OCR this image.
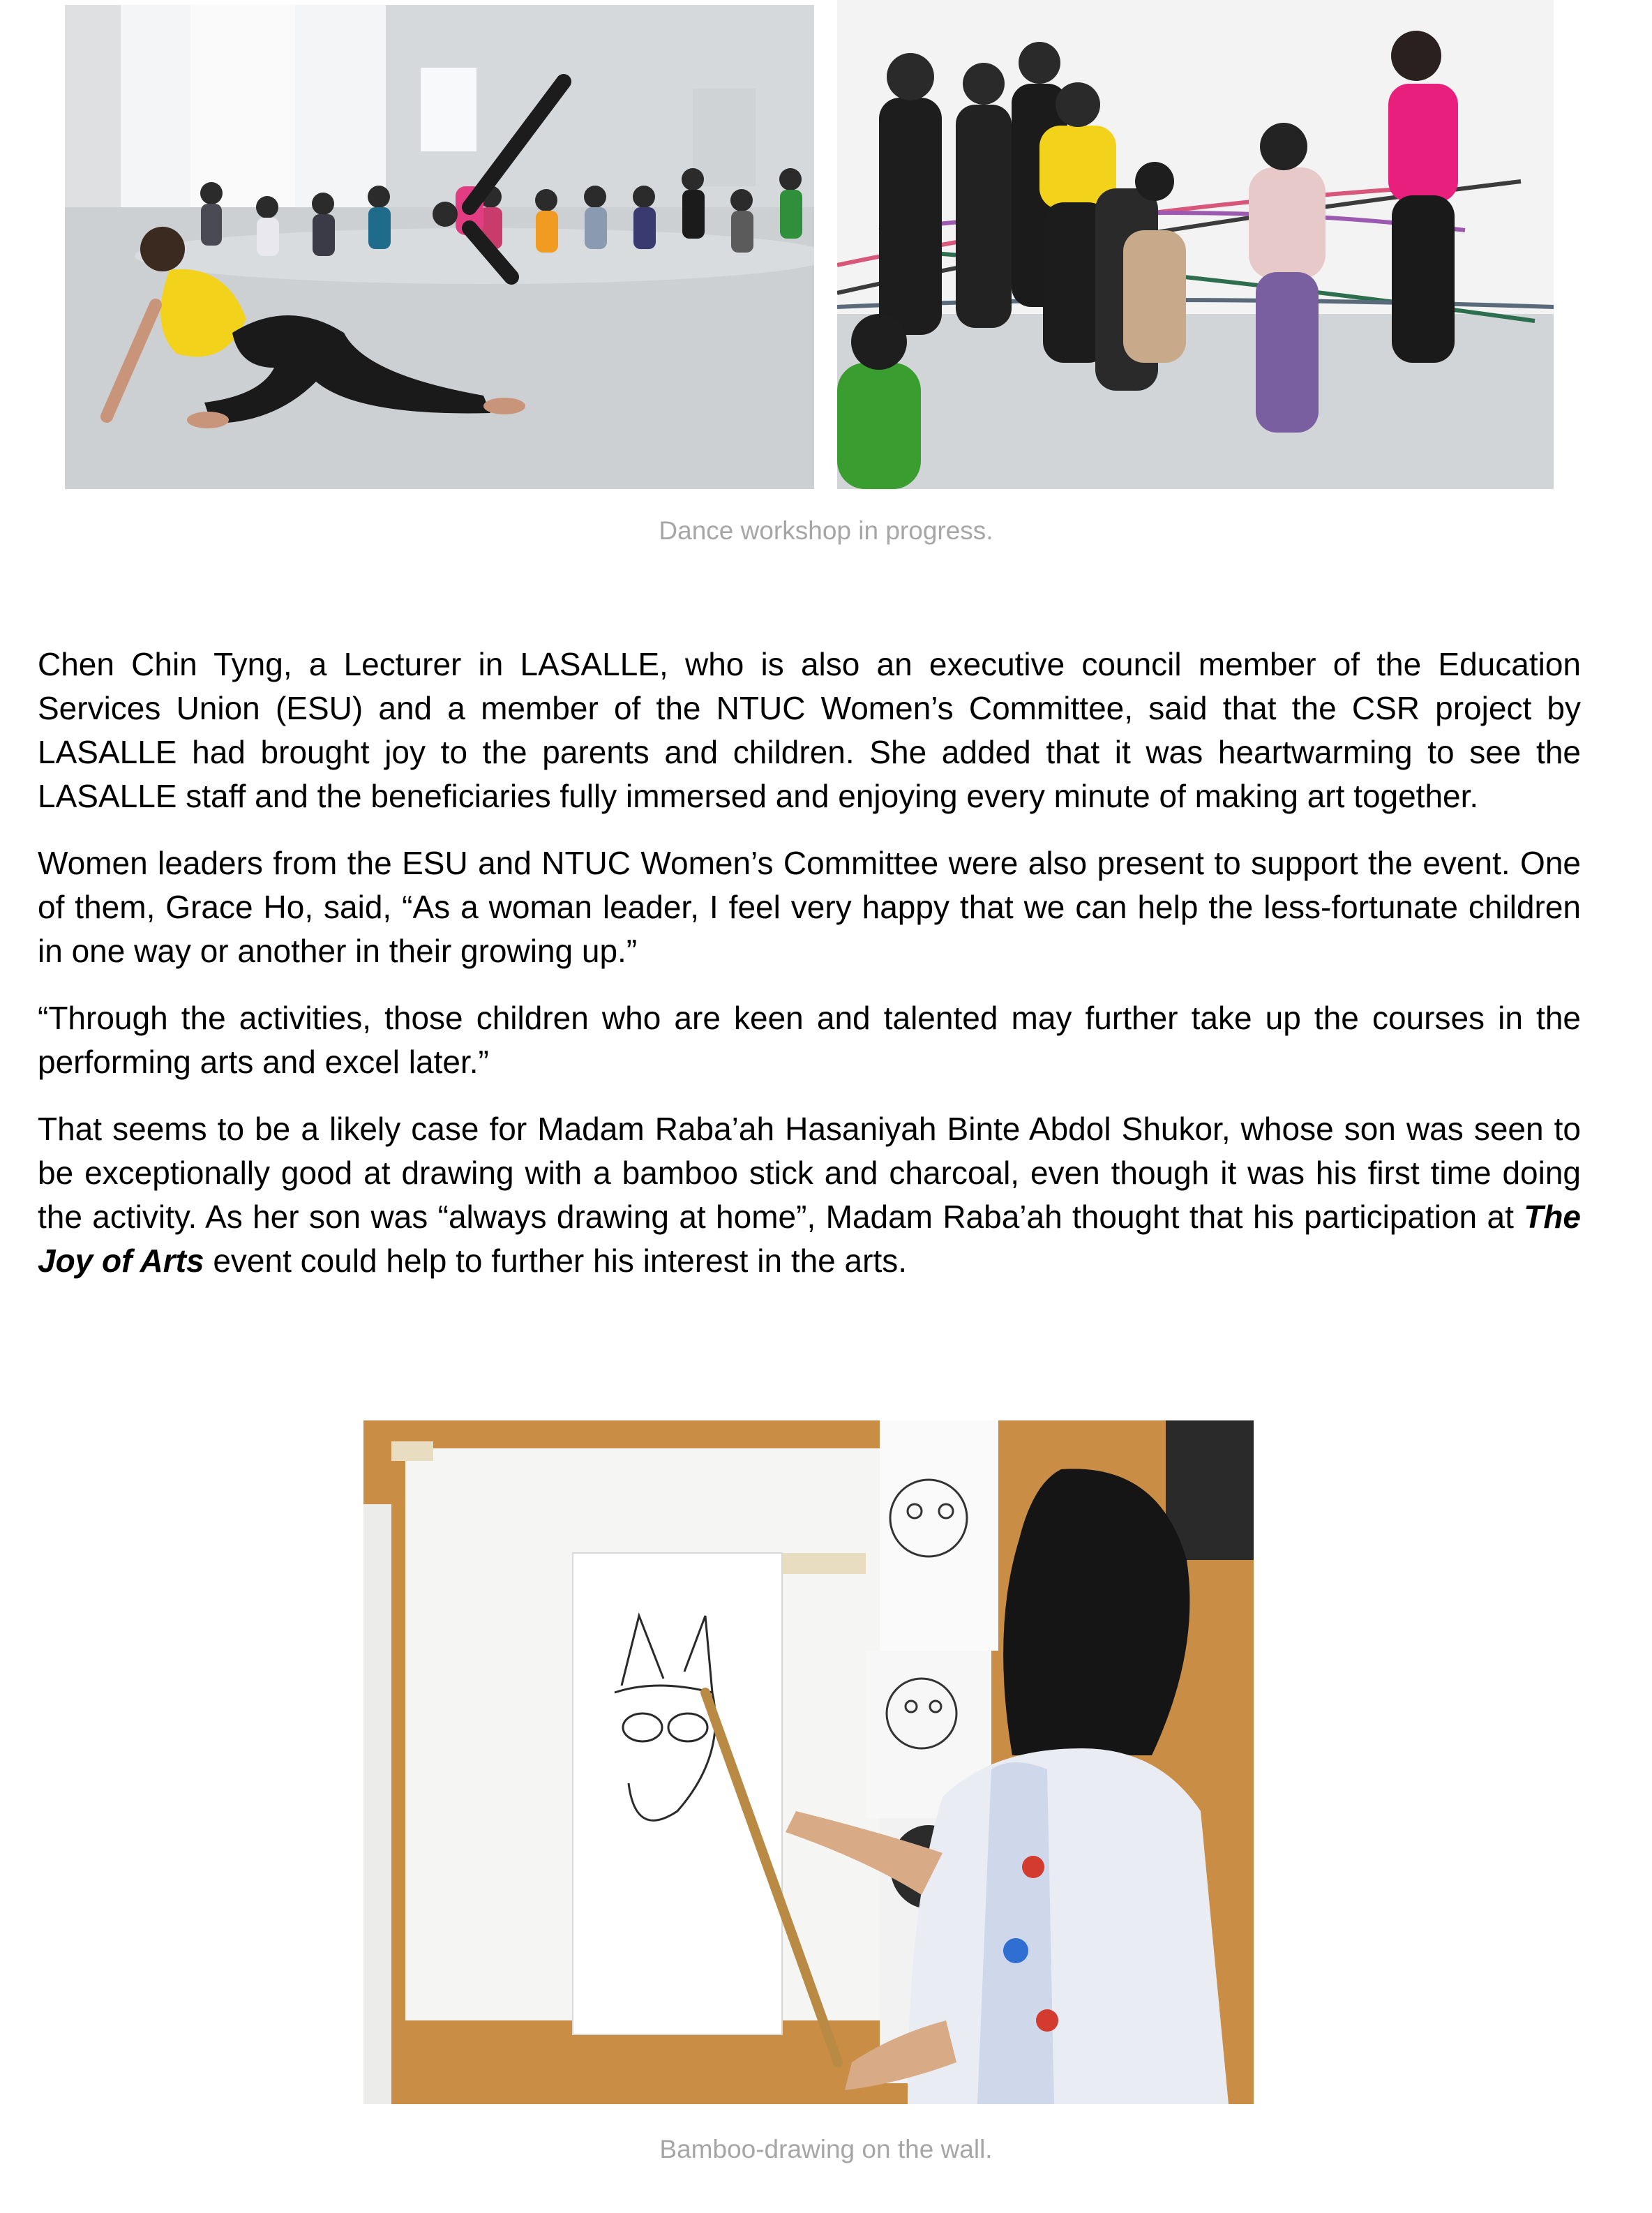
Dance workshop in progress.

Chen Chin Tyng, a Lecturer in LASALLE, who is also an executive council member of the Education Services Union (ESU) and a member of the NTUC Women’s Committee, said that the CSR project by LASALLE had brought joy to the parents and children. She added that it was heartwarming to see the LASALLE staff and the beneficiaries fully immersed and enjoying every minute of making art together.

Women leaders from the ESU and NTUC Women’s Committee were also present to support the event. One of them, Grace Ho, said, “As a woman leader, I feel very happy that we can help the less-fortunate children in one way or another in their growing up.”

“Through the activities, those children who are keen and talented may further take up the courses in the performing arts and excel later.”

That seems to be a likely case for Madam Raba’ah Hasaniyah Binte Abdol Shukor, whose son was seen to be exceptionally good at drawing with a bamboo stick and charcoal, even though it was his first time doing the activity. As her son was “always drawing at home”, Madam Raba’ah thought that his participation at The Joy of Arts event could help to further his interest in the arts.

Bamboo-drawing on the wall.
